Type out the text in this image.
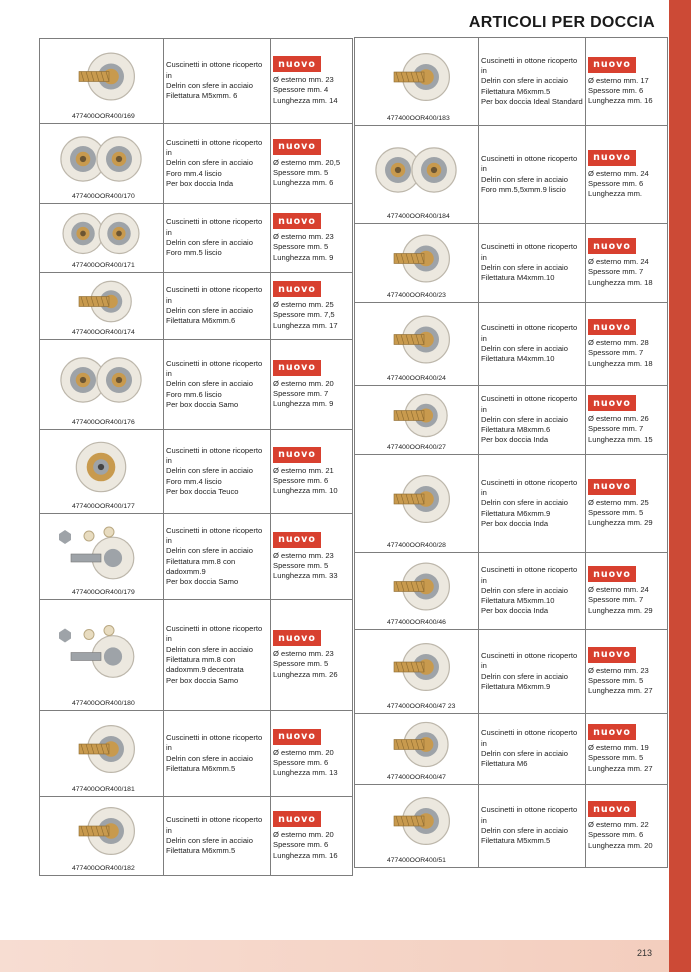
ARTICOLI PER DOCCIA
213
477400OOR400/169
Cuscinetti in ottone ricoperto in
Delrin con sfere in acciaio
Filettatura M5xmm. 6
nuovo
Ø esterno mm. 23
Spessore mm. 4
Lunghezza mm. 14
477400OOR400/170
Cuscinetti in ottone ricoperto in
Delrin con sfere in acciaio
Foro mm.4 liscio
Per box doccia Inda
nuovo
Ø esterno mm. 20,5
Spessore mm. 5
Lunghezza mm. 6
477400OOR400/171
Cuscinetti in ottone ricoperto in
Delrin con sfere in acciaio
Foro mm.5 liscio
nuovo
Ø esterno mm. 23
Spessore mm. 5
Lunghezza mm. 9
477400OOR400/174
Cuscinetti in ottone ricoperto in
Delrin con sfere in acciaio
Filettatura M6xmm.6
nuovo
Ø esterno mm. 25
Spessore mm. 7,5
Lunghezza mm. 17
477400OOR400/176
Cuscinetti in ottone ricoperto in
Delrin con sfere in acciaio
Foro mm.6 liscio
Per box doccia Samo
nuovo
Ø esterno mm. 20
Spessore mm. 7
Lunghezza mm. 9
477400OOR400/177
Cuscinetti in ottone ricoperto in
Delrin con sfere in acciaio
Foro mm.4 liscio
Per box doccia Teuco
nuovo
Ø esterno mm. 21
Spessore mm. 6
Lunghezza mm. 10
477400OOR400/179
Cuscinetti in ottone ricoperto in
Delrin con sfere in acciaio
Filettatura mm.8 con
dadoxmm.9
Per box doccia Samo
nuovo
Ø esterno mm. 23
Spessore mm. 5
Lunghezza mm. 33
477400OOR400/180
Cuscinetti in ottone ricoperto in
Delrin con sfere in acciaio
Filettatura mm.8 con
dadoxmm.9 decentrata
Per box doccia Samo
nuovo
Ø esterno mm. 23
Spessore mm. 5
Lunghezza mm. 26
477400OOR400/181
Cuscinetti in ottone ricoperto in
Delrin con sfere in acciaio
Filettatura M6xmm.5
nuovo
Ø esterno mm. 20
Spessore mm. 6
Lunghezza mm. 13
477400OOR400/182
Cuscinetti in ottone ricoperto in
Delrin con sfere in acciaio
Filettatura M6xmm.5
nuovo
Ø esterno mm. 20
Spessore mm. 6
Lunghezza mm. 16
477400OOR400/183
Cuscinetti in ottone ricoperto in
Delrin con sfere in acciaio
Filettatura M6xmm.5
Per box doccia Ideal Standard
nuovo
Ø esterno mm. 17
Spessore mm. 6
Lunghezza mm. 16
477400OOR400/184
Cuscinetti in ottone ricoperto in
Delrin con sfere in acciaio
Foro mm.5,5xmm.9 liscio
nuovo
Ø esterno mm. 24
Spessore mm. 6
Lunghezza mm.
477400OOR400/23
Cuscinetti in ottone ricoperto in
Delrin con sfere in acciaio
Filettatura M4xmm.10
nuovo
Ø esterno mm. 24
Spessore mm. 7
Lunghezza mm. 18
477400OOR400/24
Cuscinetti in ottone ricoperto in
Delrin con sfere in acciaio
Filettatura M4xmm.10
nuovo
Ø esterno mm. 28
Spessore mm. 7
Lunghezza mm. 18
477400OOR400/27
Cuscinetti in ottone ricoperto in
Delrin con sfere in acciaio
Filettatura M8xmm.6
Per box doccia Inda
nuovo
Ø esterno mm. 26
Spessore mm. 7
Lunghezza mm. 15
477400OOR400/28
Cuscinetti in ottone ricoperto in
Delrin con sfere in acciaio
Filettatura M6xmm.9
Per box doccia Inda
nuovo
Ø esterno mm. 25
Spessore mm. 5
Lunghezza mm. 29
477400OOR400/46
Cuscinetti in ottone ricoperto in
Delrin con sfere in acciaio
Filettatura M5xmm.10
Per box doccia Inda
nuovo
Ø esterno mm. 24
Spessore mm. 7
Lunghezza mm. 29
477400OOR400/47 23
Cuscinetti in ottone ricoperto in
Delrin con sfere in acciaio
Filettatura M6xmm.9
nuovo
Ø esterno mm. 23
Spessore mm. 5
Lunghezza mm. 27
477400OOR400/47
Cuscinetti in ottone ricoperto in
Delrin con sfere in acciaio
Filettatura M6
nuovo
Ø esterno mm. 19
Spessore mm. 5
Lunghezza mm. 27
477400OOR400/51
Cuscinetti in ottone ricoperto in
Delrin con sfere in acciaio
Filettatura M5xmm.5
nuovo
Ø esterno mm. 22
Spessore mm. 6
Lunghezza mm. 20
